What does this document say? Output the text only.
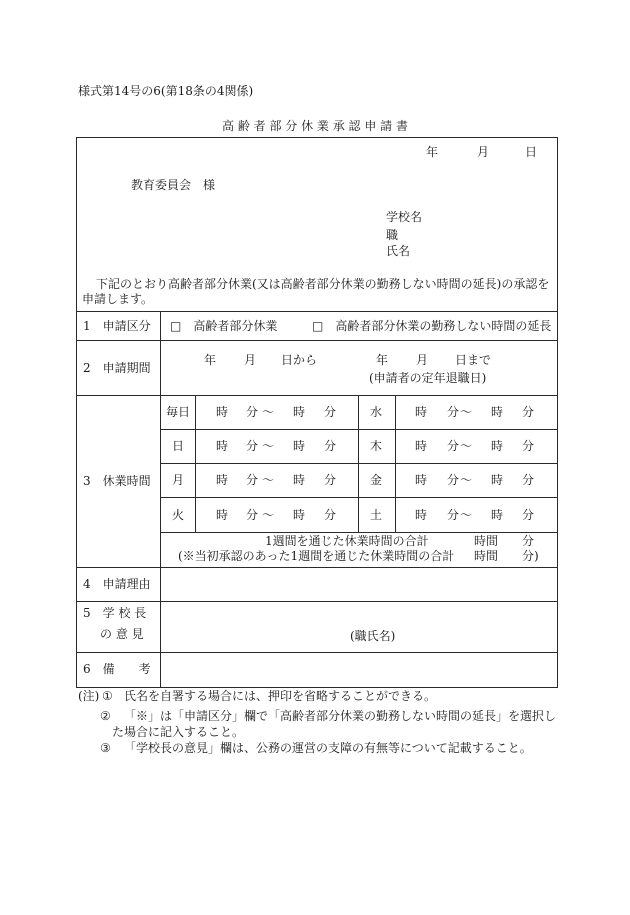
様式第14号の6(第18条の4関係)
高 齢 者 部 分 休 業 承 認 申 請 書
年	月	日
教育委員会　様
学校名
職
氏名
下記のとおり高齢者部分休業(又は高齢者部分休業の勤務しない時間の延長)の承認を
申請します。
1　申請区分 □　高齢者部分休業	□　高齢者部分休業の勤務しない時間の延長
2　申請期間
年 月 日から	年 月 日まで
(申請者の定年退職日)
3　休業時間
毎日 時 分 ～ 時 分	水	時 分 ～ 時 分
日	時 分 ～ 時 分	木	時 分 ～ 時 分
月	時 分 ～ 時 分	金	時 分 ～ 時 分
火	時 分 ～ 時 分	土	時 分 ～ 時 分
1週間を通じた休業時間の合計	時間 分
(※当初承認のあった1週間を通じた休業時間の合計 時間 分)
4　申請理由
5　学 校 長
の 意 見	(職氏名)
6　備　　考
(注) ① 氏名を自署する場合には、押印を省略することができる。
② 「※」は「申請区分」欄で「高齢者部分休業の勤務しない時間の延長」を選択し
た場合に記入すること。
③ 「学校長の意見」欄は、公務の運営の支障の有無等について記載すること。
